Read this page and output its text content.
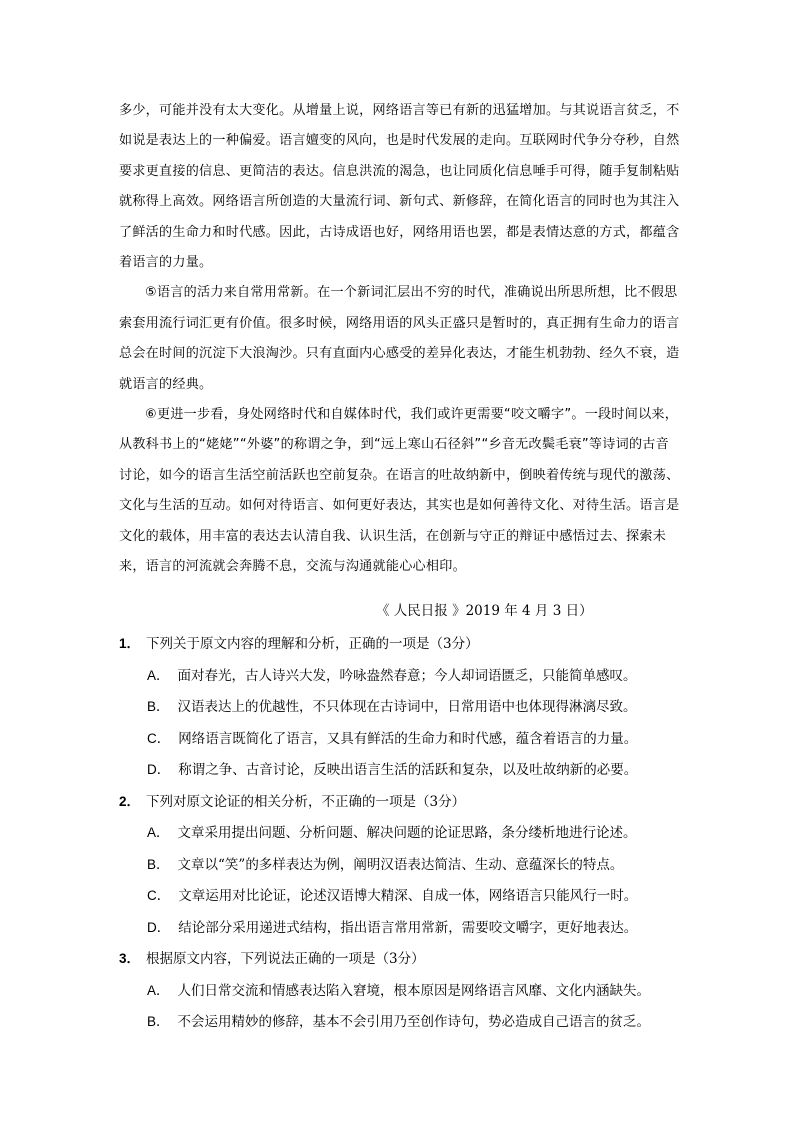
多少，可能并没有太大变化。从增量上说，网络语言等已有新的迅猛增加。与其说语言贫乏，不如说是表达上的一种偏爱。语言嬗变的风向，也是时代发展的走向。互联网时代争分夺秒，自然要求更直接的信息、更简洁的表达。信息洪流的渴急，也让同质化信息唾手可得，随手复制粘贴就称得上高效。网络语言所创造的大量流行词、新句式、新修辞，在简化语言的同时也为其注入了鲜活的生命力和时代感。因此，古诗成语也好，网络用语也罢，都是表情达意的方式，都蕴含着语言的力量。

⑤语言的活力来自常用常新。在一个新词汇层出不穷的时代，准确说出所思所想，比不假思索套用流行词汇更有价值。很多时候，网络用语的风头正盛只是暂时的，真正拥有生命力的语言总会在时间的沉淀下大浪淘沙。只有直面内心感受的差异化表达，才能生机勃勃、经久不衰，造就语言的经典。

⑥更进一步看，身处网络时代和自媒体时代，我们或许更需要“咬文嚼字”。一段时间以来，从教科书上的“姥姥”“外婆”的称谓之争，到“远上寒山石径斜”“乡音无改鬓毛衰”等诗词的古音讨论，如今的语言生活空前活跃也空前复杂。在语言的吐故纳新中，倒映着传统与现代的激荡、文化与生活的互动。如何对待语言、如何更好表达，其实也是如何善待文化、对待生活。语言是文化的载体，用丰富的表达去认清自我、认识生活，在创新与守正的辩证中感悟过去、探索未来，语言的河流就会奔腾不息，交流与沟通就能心心相印。

《 人民日报 》2019 年 4 月 3 日）
1． 下列关于原文内容的理解和分析，正确的一项是（3分）
A． 面对春光，古人诗兴大发，吟咏盎然春意；今人却词语匮乏，只能简单感叹。
B． 汉语表达上的优越性，不只体现在古诗词中，日常用语中也体现得淋漓尽致。
C． 网络语言既简化了语言，又具有鲜活的生命力和时代感，蕴含着语言的力量。
D． 称谓之争、古音讨论，反映出语言生活的活跃和复杂，以及吐故纳新的必要。
2． 下列对原文论证的相关分析，不正确的一项是（3分）
A． 文章采用提出问题、分析问题、解决问题的论证思路，条分缕析地进行论述。
B． 文章以“笑”的多样表达为例，阐明汉语表达简洁、生动、意蕴深长的特点。
C． 文章运用对比论证，论述汉语博大精深、自成一体，网络语言只能风行一时。
D． 结论部分采用递进式结构，指出语言常用常新，需要咬文嚼字，更好地表达。
3． 根据原文内容，下列说法正确的一项是（3分）
A． 人们日常交流和情感表达陷入窘境，根本原因是网络语言风靡、文化内涵缺失。
B． 不会运用精妙的修辞，基本不会引用乃至创作诗句，势必造成自己语言的贫乏。
